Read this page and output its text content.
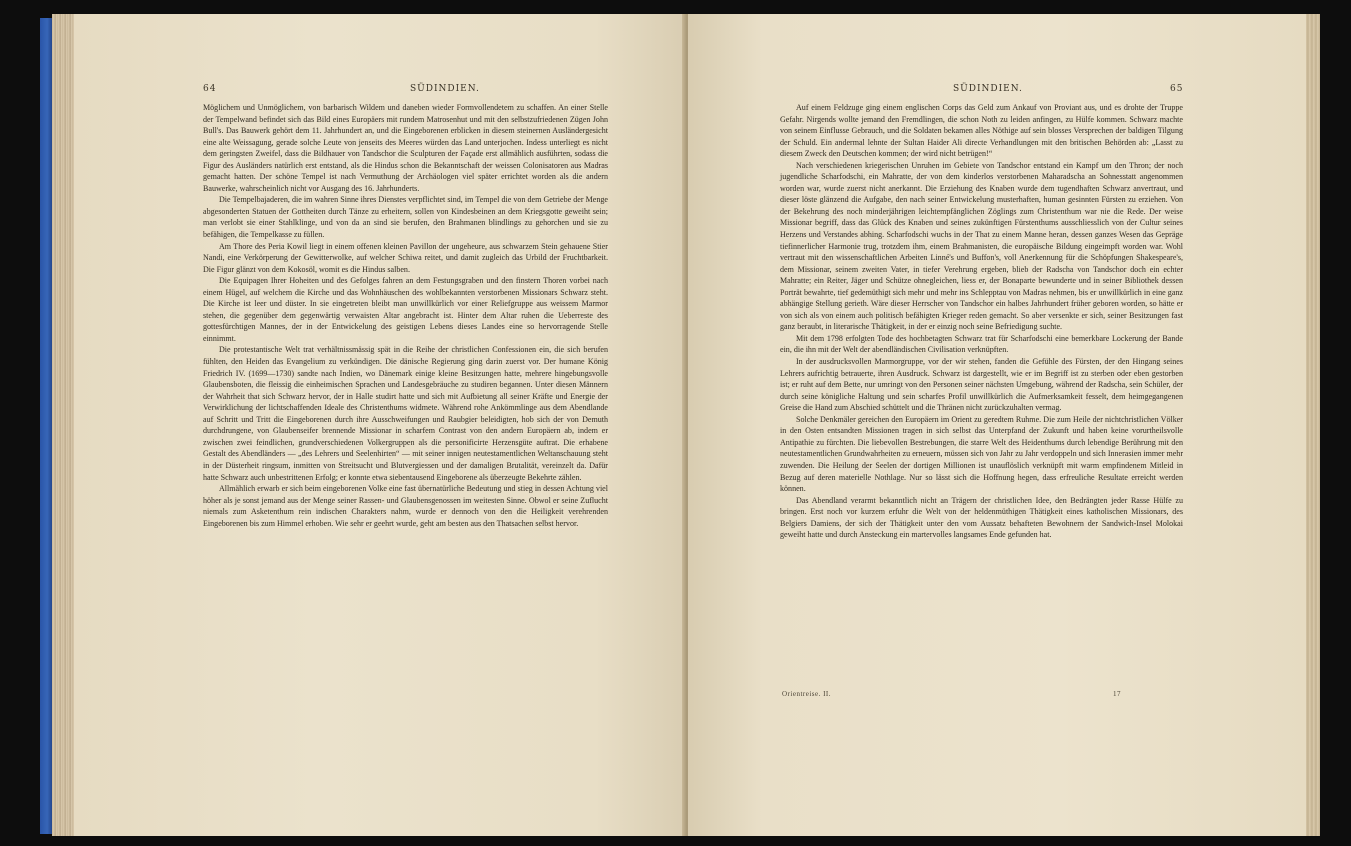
64	SÜDINDIEN.

Möglichem und Unmöglichem, von barbarisch Wildem und daneben wieder Formvollendetem zu schaffen. An einer Stelle der Tempelwand befindet sich das Bild eines Europäers mit rundem Matrosenhut und mit den selbstzufriedenen Zügen John Bull's. Das Bauwerk gehört dem 11. Jahrhundert an, und die Eingeborenen erblicken in diesem steinernen Ausländergesicht eine alte Weissagung, gerade solche Leute von jenseits des Meeres würden das Land unterjochen. Indess unterliegt es nicht dem geringsten Zweifel, dass die Bildhauer von Tandschor die Sculpturen der Façade erst allmählich ausführten, sodass die Figur des Ausländers natürlich erst entstand, als die Hindus schon die Bekanntschaft der weissen Colonisatoren aus Madras gemacht hatten. Der schöne Tempel ist nach Vermuthung der Archäologen viel später errichtet worden als die andern Bauwerke, wahrscheinlich nicht vor Ausgang des 16. Jahrhunderts.

Die Tempelbajaderen, die im wahren Sinne ihres Dienstes verpflichtet sind, im Tempel die von dem Getriebe der Menge abgesonderten Statuen der Gottheiten durch Tänze zu erheitern, sollen von Kindesbeinen an dem Kriegsgotte geweiht sein; man verlobt sie einer Stahlklinge, und von da an sind sie berufen, den Brahmanen blindlings zu gehorchen und sie zu befähigen, die Tempelkasse zu füllen.

Am Thore des Peria Kowil liegt in einem offenen kleinen Pavillon der ungeheure, aus schwarzem Stein gehauene Stier Nandi, eine Verkörperung der Gewitterwolke, auf welcher Schiwa reitet, und damit zugleich das Urbild der Fruchtbarkeit. Die Figur glänzt von dem Kokosöl, womit es die Hindus salben.

Die Equipagen Ihrer Hoheiten und des Gefolges fahren an dem Festungsgraben und den finstern Thoren vorbei nach einem Hügel, auf welchem die Kirche und das Wohnhäuschen des wohlbekannten verstorbenen Missionars Schwarz steht. Die Kirche ist leer und düster. In sie eingetreten bleibt man unwillkürlich vor einer Reliefgruppe aus weissem Marmor stehen, die gegenüber dem gegenwärtig verwaisten Altar angebracht ist. Hinter dem Altar ruhen die Ueberreste des gottesfürchtigen Mannes, der in der Entwickelung des geistigen Lebens dieses Landes eine so hervorragende Stelle einnimmt.

Die protestantische Welt trat verhältnissmässig spät in die Reihe der christlichen Confessionen ein, die sich berufen fühlten, den Heiden das Evangelium zu verkündigen. Die dänische Regierung ging darin zuerst vor. Der humane König Friedrich IV. (1699—1730) sandte nach Indien, wo Dänemark einige kleine Besitzungen hatte, mehrere hingebungsvolle Glaubensboten, die fleissig die einheimischen Sprachen und Landesgebräuche zu studiren begannen. Unter diesen Männern der Wahrheit that sich Schwarz hervor, der in Halle studirt hatte und sich mit Aufbietung all seiner Kräfte und Energie der Verwirklichung der lichtschaffenden Ideale des Christenthums widmete. Während rohe Ankömmlinge aus dem Abendlande auf Schritt und Tritt die Eingeborenen durch ihre Ausschweifungen und Raubgier beleidigten, hob sich der von Demuth durchdrungene, von Glaubenseifer brennende Missionar in scharfem Contrast von den andern Europäern ab, indem er zwischen zwei feindlichen, grundverschiedenen Volkergruppen als die personificirte Herzensgüte auftrat. Die erhabene Gestalt des Abendländers — „des Lehrers und Seelenhirten“ — mit seiner innigen neutestamentlichen Weltanschauung steht in der Düsterheit ringsum, inmitten von Streitsucht und Blutvergiessen und der damaligen Brutalität, vereinzelt da. Dafür hatte Schwarz auch unbestrittenen Erfolg; er konnte etwa siebentausend Eingeborene als überzeugte Bekehrte zählen.

Allmählich erwarb er sich beim eingeborenen Volke eine fast übernatürliche Bedeutung und stieg in dessen Achtung viel höher als je sonst jemand aus der Menge seiner Rassen- und Glaubensgenossen im weitesten Sinne. Obwol er seine Zuflucht niemals zum Asketenthum rein indischen Charakters nahm, wurde er dennoch von den die Heiligkeit verehrenden Eingeborenen bis zum Himmel erhoben. Wie sehr er geehrt wurde, geht am besten aus den Thatsachen selbst hervor.

SÜDINDIEN.	65

Auf einem Feldzuge ging einem englischen Corps das Geld zum Ankauf von Proviant aus, und es drohte der Truppe Gefahr. Nirgends wollte jemand den Fremdlingen, die schon Noth zu leiden anfingen, zu Hülfe kommen. Schwarz machte von seinem Einflusse Gebrauch, und die Soldaten bekamen alles Nöthige auf sein blosses Versprechen der baldigen Tilgung der Schuld. Ein andermal lehnte der Sultan Haider Ali directe Verhandlungen mit den britischen Behörden ab: „Lasst zu diesem Zweck den Deutschen kommen; der wird nicht betrügen!“

Nach verschiedenen kriegerischen Unruhen im Gebiete von Tandschor entstand ein Kampf um den Thron; der noch jugendliche Scharfodschi, ein Mahratte, der von dem kinderlos verstorbenen Maharadscha an Sohnesstatt angenommen worden war, wurde zuerst nicht anerkannt. Die Erziehung des Knaben wurde dem tugendhaften Schwarz anvertraut, und dieser löste glänzend die Aufgabe, den nach seiner Entwickelung musterhaften, human gesinnten Fürsten zu erziehen. Von der Bekehrung des noch minderjährigen leichtempfänglichen Zöglings zum Christenthum war nie die Rede. Der weise Missionar begriff, dass das Glück des Knaben und seines zukünftigen Fürstenthums ausschliesslich von der Cultur seines Herzens und Verstandes abhing. Scharfodschi wuchs in der That zu einem Manne heran, dessen ganzes Wesen das Gepräge tiefinnerlicher Harmonie trug, trotzdem ihm, einem Brahmanisten, die europäische Bildung eingeimpft worden war. Wohl vertraut mit den wissenschaftlichen Arbeiten Linné's und Buffon's, voll Anerkennung für die Schöpfungen Shakespeare's, dem Missionar, seinem zweiten Vater, in tiefer Verehrung ergeben, blieb der Radscha von Tandschor doch ein echter Mahratte; ein Reiter, Jäger und Schütze ohnegleichen, liess er, der Bonaparte bewunderte und in seiner Bibliothek dessen Porträt bewahrte, tief gedemüthigt sich mehr und mehr ins Schlepptau von Madras nehmen, bis er unwillkürlich in eine ganz abhängige Stellung gerieth. Wäre dieser Herrscher von Tandschor ein halbes Jahrhundert früher geboren worden, so hätte er von sich als von einem auch politisch befähigten Krieger reden gemacht. So aber versenkte er sich, seiner Besitzungen fast ganz beraubt, in literarische Thätigkeit, in der er einzig noch seine Befriedigung suchte.

Mit dem 1798 erfolgten Tode des hochbetagten Schwarz trat für Scharfodschi eine bemerkbare Lockerung der Bande ein, die ihn mit der Welt der abendländischen Civilisation verknüpften.

In der ausdrucksvollen Marmorgruppe, vor der wir stehen, fanden die Gefühle des Fürsten, der den Hingang seines Lehrers aufrichtig betrauerte, ihren Ausdruck. Schwarz ist dargestellt, wie er im Begriff ist zu sterben oder eben gestorben ist; er ruht auf dem Bette, nur umringt von den Personen seiner nächsten Umgebung, während der Radscha, sein Schüler, der durch seine königliche Haltung und sein scharfes Profil unwillkürlich die Aufmerksamkeit fesselt, dem heimgegangenen Greise die Hand zum Abschied schüttelt und die Thränen nicht zurückzuhalten vermag.

Solche Denkmäler gereichen den Europäern im Orient zu geredtem Ruhme. Die zum Heile der nichtchristlichen Völker in den Osten entsandten Missionen tragen in sich selbst das Unterpfand der Zukunft und haben keine vorurtheilsvolle Antipathie zu fürchten. Die liebevollen Bestrebungen, die starre Welt des Heidenthums durch lebendige Berührung mit den neutestamentlichen Grundwahrheiten zu erneuern, müssen sich von Jahr zu Jahr verdoppeln und sich Innerasien immer mehr zuwenden. Die Heilung der Seelen der dortigen Millionen ist unauflöslich verknüpft mit warm empfindenem Mitleid in Bezug auf deren materielle Nothlage. Nur so lässt sich die Hoffnung hegen, dass erfreuliche Resultate erreicht werden können.

Das Abendland verarmt bekanntlich nicht an Trägern der christlichen Idee, den Bedrängten jeder Rasse Hülfe zu bringen. Erst noch vor kurzem erfuhr die Welt von der heldenmüthigen Thätigkeit eines katholischen Missionars, des Belgiers Damiens, der sich der Thätigkeit unter den vom Aussatz behafteten Bewohnern der Sandwich-Insel Molokai geweiht hatte und durch Ansteckung ein martervolles langsames Ende gefunden hat.

Orientreise. II.	17
